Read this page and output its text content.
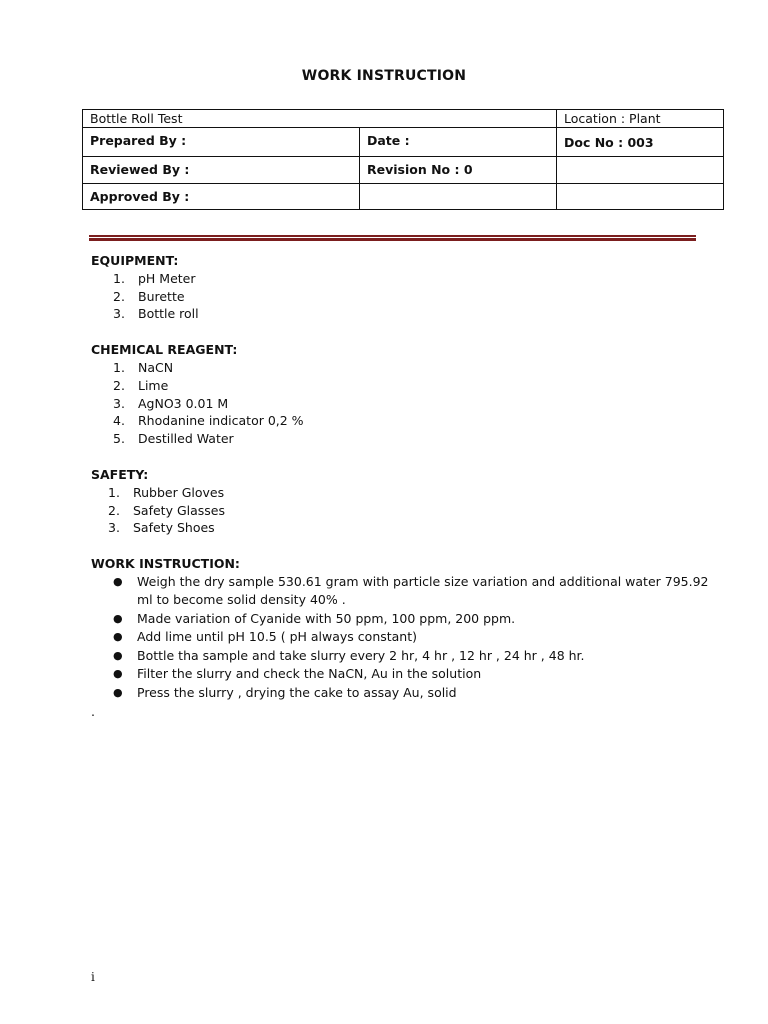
WORK INSTRUCTION
Bottle Roll Test		Location : Plant
Prepared By :	Date :	Doc No : 003
Reviewed By :	Revision No : 0	
Approved By :		
EQUIPMENT:
1.	pH Meter
2.	Burette
3.	Bottle roll
CHEMICAL REAGENT:
1.	NaCN
2.	Lime
3.	AgNO3 0.01 M
4.	Rhodanine indicator 0,2 %
5.	Destilled Water
SAFETY:
1.	Rubber Gloves
2.	Safety Glasses
3.	Safety Shoes
WORK INSTRUCTION:
● Weigh the dry sample 530.61 gram with particle size variation and additional water 795.92 ml to become solid density 40% .
● Made variation of Cyanide with 50 ppm, 100 ppm, 200 ppm.
● Add lime until pH 10.5 ( pH always constant)
● Bottle tha sample and take slurry every 2 hr, 4 hr , 12 hr , 24 hr , 48 hr.
● Filter the slurry and check the NaCN, Au in the solution
● Press the slurry , drying the cake to assay Au, solid
.
i
